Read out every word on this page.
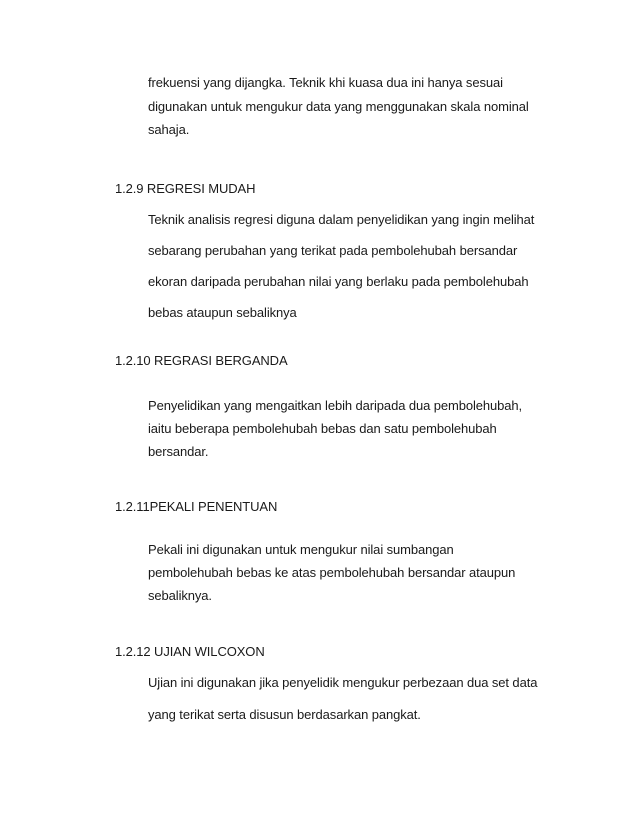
frekuensi yang dijangka. Teknik khi kuasa dua ini hanya sesuai
digunakan untuk mengukur data yang menggunakan skala nominal
sahaja.
1.2.9 REGRESI MUDAH
Teknik analisis regresi diguna dalam penyelidikan yang ingin melihat
sebarang perubahan yang terikat pada pembolehubah bersandar
ekoran daripada perubahan nilai yang berlaku pada pembolehubah
bebas ataupun sebaliknya
1.2.10 REGRASI BERGANDA
Penyelidikan yang mengaitkan lebih daripada dua pembolehubah,
iaitu beberapa pembolehubah bebas dan satu pembolehubah
bersandar.
1.2.11PEKALI PENENTUAN
Pekali ini digunakan untuk mengukur nilai sumbangan
pembolehubah bebas ke atas pembolehubah bersandar ataupun
sebaliknya.
1.2.12 UJIAN WILCOXON
Ujian ini digunakan jika penyelidik mengukur perbezaan dua set data
yang terikat serta disusun berdasarkan pangkat.
